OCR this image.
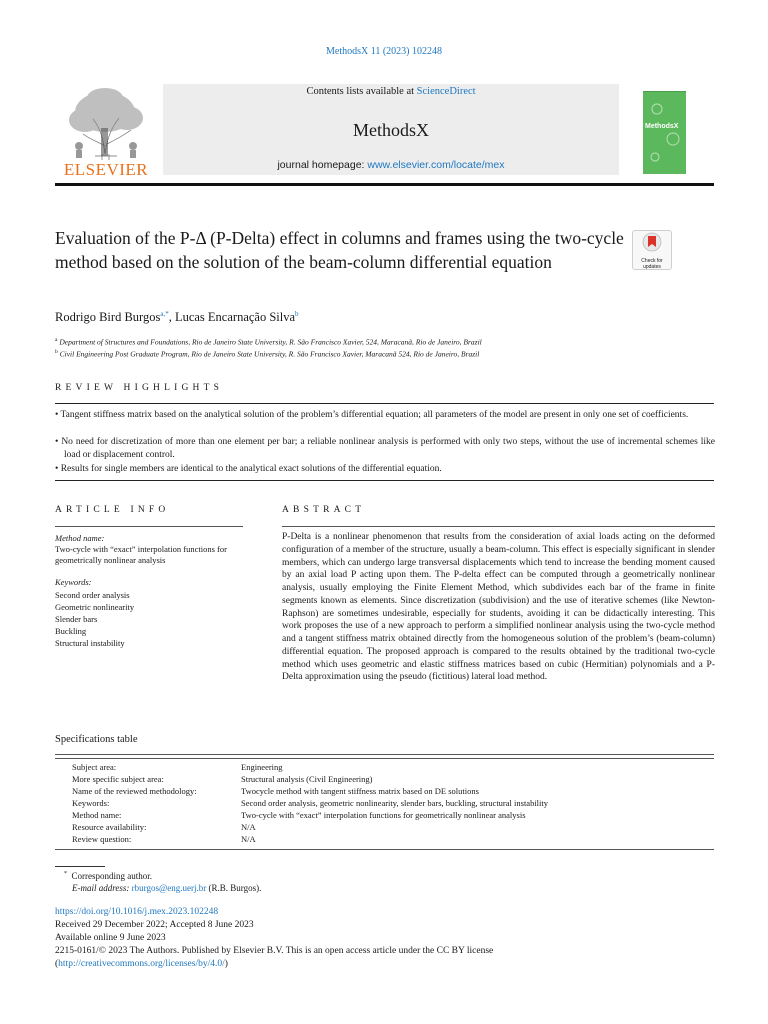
MethodsX 11 (2023) 102248
ELSEVIER
Contents lists available at ScienceDirect
MethodsX
journal homepage: www.elsevier.com/locate/mex
MethodsX
Evaluation of the P-Δ (P-Delta) effect in columns and frames using the two-cycle method based on the solution of the beam-column differential equation	Check for
updates
Rodrigo Bird Burgos$^{a,*}$, Lucas Encarnação Silva$^b$
$^a$ Department of Structures and Foundations, Rio de Janeiro State University, R. São Francisco Xavier, 524, Maracanã, Rio de Janeiro, Brazil
$^b$ Civil Engineering Post Graduate Program, Rio de Janeiro State University, R. São Francisco Xavier, Maracanã 524, Rio de Janeiro, Brazil
REVIEW HIGHLIGHTS
• Tangent stiffness matrix based on the analytical solution of the problem’s differential equation; all parameters of the model are present in only one set of coefficients.
• No need for discretization of more than one element per bar; a reliable nonlinear analysis is performed with only two steps, without the use of incremental schemes like load or displacement control.
• Results for single members are identical to the analytical exact solutions of the differential equation.
ARTICLE INFO
Method name:
Two-cycle with “exact” interpolation functions for geometrically nonlinear analysis
Keywords:
Second order analysis
Geometric nonlinearity
Slender bars
Buckling
Structural instability
ABSTRACT
P-Delta is a nonlinear phenomenon that results from the consideration of axial loads acting on the deformed configuration of a member of the structure, usually a beam-column. This effect is especially significant in slender members, which can undergo large transversal displacements which tend to increase the bending moment caused by an axial load P acting upon them. The P-delta effect can be computed through a geometrically nonlinear analysis, usually employing the Finite Element Method, which subdivides each bar of the frame in finite segments known as elements. Since discretization (subdivision) and the use of iterative schemes (like Newton-Raphson) are sometimes undesirable, especially for students, avoiding it can be didactically interesting. This work proposes the use of a new approach to perform a simplified nonlinear analysis using the two-cycle method and a tangent stiffness matrix obtained directly from the homogeneous solution of the problem’s (beam-column) differential equation. The proposed approach is compared to the results obtained by the traditional two-cycle method which uses geometric and elastic stiffness matrices based on cubic (Hermitian) polynomials and a P-Delta approximation using the pseudo (fictitious) lateral load method.
Specifications table
Subject area:	Engineering
More specific subject area:	Structural analysis (Civil Engineering)
Name of the reviewed methodology:	Twocycle method with tangent stiffness matrix based on DE solutions
Keywords:	Second order analysis, geometric nonlinearity, slender bars, buckling, structural instability
Method name:	Two-cycle with “exact” interpolation functions for geometrically nonlinear analysis
Resource availability:	N/A
Review question:	N/A
* Corresponding author.
E-mail address: rburgos@eng.uerj.br (R.B. Burgos).
https://doi.org/10.1016/j.mex.2023.102248
Received 29 December 2022; Accepted 8 June 2023
Available online 9 June 2023
2215-0161/© 2023 The Authors. Published by Elsevier B.V. This is an open access article under the CC BY license
(http://creativecommons.org/licenses/by/4.0/)
